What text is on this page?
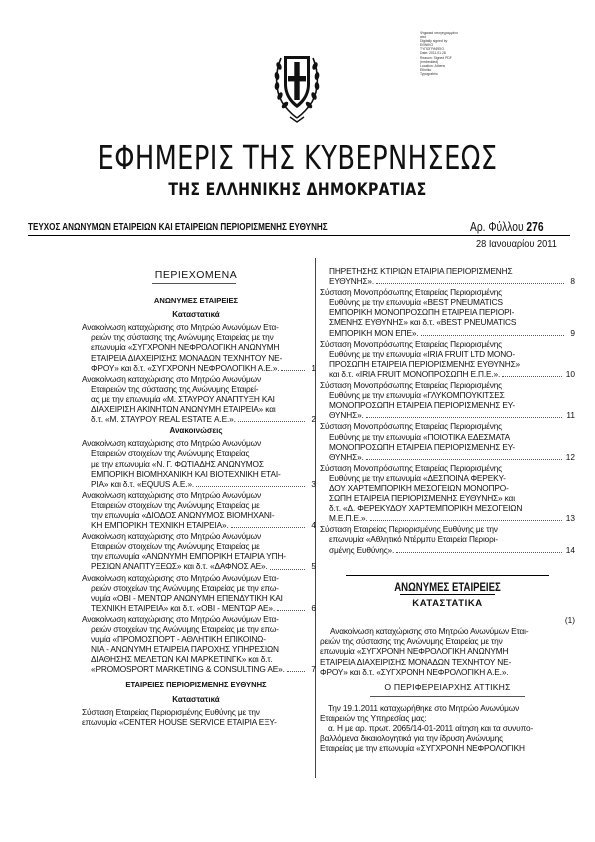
Ψηφιακά υπογεγραμμένο
από
Digitally signed by
ΕΘΝΙΚΟ
ΤΥΠΟΓΡΑΦΕΙΟ
Date: 2011.01.28
Reason: Signed PDF
(embedded)
Location: Athens
Ethniko
Typografeio
ΕΦΗΜΕΡΙΣ ΤΗΣ ΚΥΒΕΡΝΗΣΕΩΣ
ΤΗΣ ΕΛΛΗΝΙΚΗΣ ΔΗΜΟΚΡΑΤΙΑΣ
ΤΕΥΧΟΣ ΑΝΩΝΥΜΩΝ ΕΤΑΙΡΕΙΩΝ ΚΑΙ ΕΤΑΙΡΕΙΩΝ ΠΕΡΙΟΡΙΣΜΕΝΗΣ ΕΥΘΥΝΗΣ	Αρ. Φύλλου 276
28 Ιανουαρίου 2011
ΠΕΡΙΕΧΟΜΕΝΑ
ΑΝΩΝΥΜΕΣ ΕΤΑΙΡΕΙΕΣ
Καταστατικά
Ανακοίνωση καταχώρισης στο Μητρώο Ανωνύμων Ετα-
ρειών της σύστασης της Ανώνυμης Εταιρείας με την
επωνυμία «ΣΥΓΧΡΟΝΗ ΝΕΦΡΟΛΟΓΙΚΗ ΑΝΩΝΥΜΗ
ΕΤΑΙΡΕΙΑ ΔΙΑΧΕΙΡΙΣΗΣ ΜΟΝΑΔΩΝ ΤΕΧΝΗΤΟΥ ΝΕ-
ΦΡΟΥ» και δ.τ. «ΣΥΓΧΡΟΝΗ ΝΕΦΡΟΛΟΓΙΚΗ Α.Ε.».	1
Ανακοίνωση καταχώρισης στο Μητρώο Ανωνύμων
Εταιρειών της σύστασης της Ανώνυμης Εταιρεί-
ας με την επωνυμία «Μ. ΣΤΑΥΡΟΥ ΑΝΑΠΤΥΞΗ ΚΑΙ
ΔΙΑΧΕΙΡΙΣΗ ΑΚΙΝΗΤΩΝ ΑΝΩΝΥΜΗ ΕΤΑΙΡΕΙΑ» και
δ.τ. «Μ. ΣΤΑΥΡΟΥ REAL ESTATE Α.Ε.».	2
Ανακοινώσεις
Ανακοίνωση καταχώρισης στο Μητρώο Ανωνύμων
Εταιρειών στοιχείων της Ανώνυμης Εταιρείας
με την επωνυμία «Ν. Γ. ΦΩΤΙΑΔΗΣ ΑΝΩΝΥΜΟΣ
ΕΜΠΟΡΙΚΗ ΒΙΟΜΗΧΑΝΙΚΗ ΚΑΙ ΒΙΟΤΕΧΝΙΚΗ ΕΤΑΙ-
ΡΙΑ» και δ.τ. «EQUUS Α.Ε.».	3
Ανακοίνωση καταχώρισης στο Μητρώο Ανωνύμων
Εταιρειών στοιχείων της Ανώνυμης Εταιρείας με
την επωνυμία «ΔΙΟΔΟΣ ΑΝΩΝΥΜΟΣ ΒΙΟΜΗΧΑΝΙ-
ΚΗ ΕΜΠΟΡΙΚΗ ΤΕΧΝΙΚΗ ΕΤΑΙΡΕΙΑ».	4
Ανακοίνωση καταχώρισης στο Μητρώο Ανωνύμων
Εταιρειών στοιχείων της Ανώνυμης Εταιρείας με
την επωνυμία «ΑΝΩΝΥΜΗ ΕΜΠΟΡΙΚΗ ΕΤΑΙΡΙΑ ΥΠΗ-
ΡΕΣΙΩΝ ΑΝΑΠΤΥΞΕΩΣ» και δ.τ. «ΔΑΦΝΟΣ ΑΕ».	5
Ανακοίνωση καταχώρισης στο Μητρώο Ανωνύμων Ετα-
ρειών στοιχείων της Ανώνυμης Εταιρείας με την επω-
νυμία «OBI - ΜΕΝΤΩΡ ΑΝΩΝΥΜΗ ΕΠΕΝΔΥΤΙΚΗ ΚΑΙ
ΤΕΧΝΙΚΗ ΕΤΑΙΡΕΙΑ» και δ.τ. «OBI - ΜΕΝΤΩΡ ΑΕ».	6
Ανακοίνωση καταχώρισης στο Μητρώο Ανωνύμων Ετα-
ρειών στοιχείων της Ανώνυμης Εταιρείας με την επω-
νυμία «ΠΡΟΜΟΣΠΟΡΤ - ΑΘΛΗΤΙΚΗ ΕΠΙΚΟΙΝΩ-
ΝΙΑ - ΑΝΩΝΥΜΗ ΕΤΑΙΡΕΙΑ ΠΑΡΟΧΗΣ ΥΠΗΡΕΣΙΩΝ
ΔΙΑΘΗΣΗΣ ΜΕΛΕΤΩΝ ΚΑΙ ΜΑΡΚΕΤΙΝΓΚ» και δ.τ.
«PROMOSPORT MARKETING & CONSULTING AE».	7
ΕΤΑΙΡΕΙΕΣ ΠΕΡΙΟΡΙΣΜΕΝΗΣ ΕΥΘΥΝΗΣ
Καταστατικά
Σύσταση Εταιρείας Περιορισμένης Ευθύνης με την
επωνυμία «CENTER HOUSE SERVICE ΕΤΑΙΡΙΑ ΕΞΥ-
ΠΗΡΕΤΗΣΗΣ ΚΤΙΡΙΩΝ ΕΤΑΙΡΙΑ ΠΕΡΙΟΡΙΣΜΕΝΗΣ
ΕΥΘΥΝΗΣ».	8
Σύσταση Μονοπρόσωπης Εταιρείας Περιορισμένης
Ευθύνης με την επωνυμία «BEST PNEUMATICS
ΕΜΠΟΡΙΚΗ ΜΟΝΟΠΡΟΣΩΠΗ ΕΤΑΙΡΕΙΑ ΠΕΡΙΟΡΙ-
ΣΜΕΝΗΣ ΕΥΘΥΝΗΣ» και δ.τ. «BEST PNEUMATICS
ΕΜΠΟΡΙΚΗ ΜΟΝ ΕΠΕ».	9
Σύσταση Μονοπρόσωπης Εταιρείας Περιορισμένης
Ευθύνης με την επωνυμία «IRIA FRUIT LTD ΜΟΝΟ-
ΠΡΟΣΩΠΗ ΕΤΑΙΡΕΙΑ ΠΕΡΙΟΡΙΣΜΕΝΗΣ ΕΥΘΥΝΗΣ»
και δ.τ. «IRIA FRUIT ΜΟΝΟΠΡΟΣΩΠΗ Ε.Π.Ε.».	10
Σύσταση Μονοπρόσωπης Εταιρείας Περιορισμένης
Ευθύνης με την επωνυμία «ΓΛΥΚΟΜΠΟΥΚΙΤΣΕΣ
ΜΟΝΟΠΡΟΣΩΠΗ ΕΤΑΙΡΕΙΑ ΠΕΡΙΟΡΙΣΜΕΝΗΣ ΕΥ-
ΘΥΝΗΣ».	11
Σύσταση Μονοπρόσωπης Εταιρείας Περιορισμένης
Ευθύνης με την επωνυμία «ΠΟΙΟΤΙΚΑ ΕΔΕΣΜΑΤΑ
ΜΟΝΟΠΡΟΣΩΠΗ ΕΤΑΙΡΕΙΑ ΠΕΡΙΟΡΙΣΜΕΝΗΣ ΕΥ-
ΘΥΝΗΣ».	12
Σύσταση Μονοπρόσωπης Εταιρείας Περιορισμένης
Ευθύνης με την επωνυμία «ΔΕΣΠΟΙΝΑ ΦΕΡΕΚΥ-
ΔΟΥ ΧΑΡΤΕΜΠΟΡΙΚΗ ΜΕΣΟΓΕΙΩΝ ΜΟΝΟΠΡΟ-
ΣΩΠΗ ΕΤΑΙΡΕΙΑ ΠΕΡΙΟΡΙΣΜΕΝΗΣ ΕΥΘΥΝΗΣ» και
δ.τ. «Δ. ΦΕΡΕΚΥΔΟΥ ΧΑΡΤΕΜΠΟΡΙΚΗ ΜΕΣΟΓΕΙΩΝ
Μ.Ε.Π.Ε.».	13
Σύσταση Εταιρείας Περιορισμένης Ευθύνης με την
επωνυμία «Αθλητικό Ντέρμπυ Εταιρεία Περιορι-
σμένης Ευθύνης».	14
ΑΝΩΝΥΜΕΣ ΕΤΑΙΡΕΙΕΣ
ΚΑΤΑΣΤΑΤΙΚΑ
(1)
Ανακοίνωση καταχώρισης στο Μητρώο Ανωνύμων Εται-
ρειών της σύστασης της Ανώνυμης Εταιρείας με την
επωνυμία «ΣΥΓΧΡΟΝΗ ΝΕΦΡΟΛΟΓΙΚΗ ΑΝΩΝΥΜΗ
ΕΤΑΙΡΕΙΑ ΔΙΑΧΕΙΡΙΣΗΣ ΜΟΝΑΔΩΝ ΤΕΧΝΗΤΟΥ ΝΕ-
ΦΡΟΥ» και δ.τ. «ΣΥΓΧΡΟΝΗ ΝΕΦΡΟΛΟΓΙΚΗ Α.Ε.».
Ο ΠΕΡΙΦΕΡΕΙΑΡΧΗΣ ΑΤΤΙΚΗΣ
Την 19.1.2011 καταχωρήθηκε στο Μητρώο Ανωνύμων
Εταιρειών της Υπηρεσίας μας:
α. Η με αρ. πρωτ. 2065/14-01-2011 αίτηση και τα συνυπο-
βαλλόμενα δικαιολογητικά για την ίδρυση Ανώνυμης
Εταιρείας με την επωνυμία «ΣΥΓΧΡΟΝΗ ΝΕΦΡΟΛΟΓΙΚΗ
